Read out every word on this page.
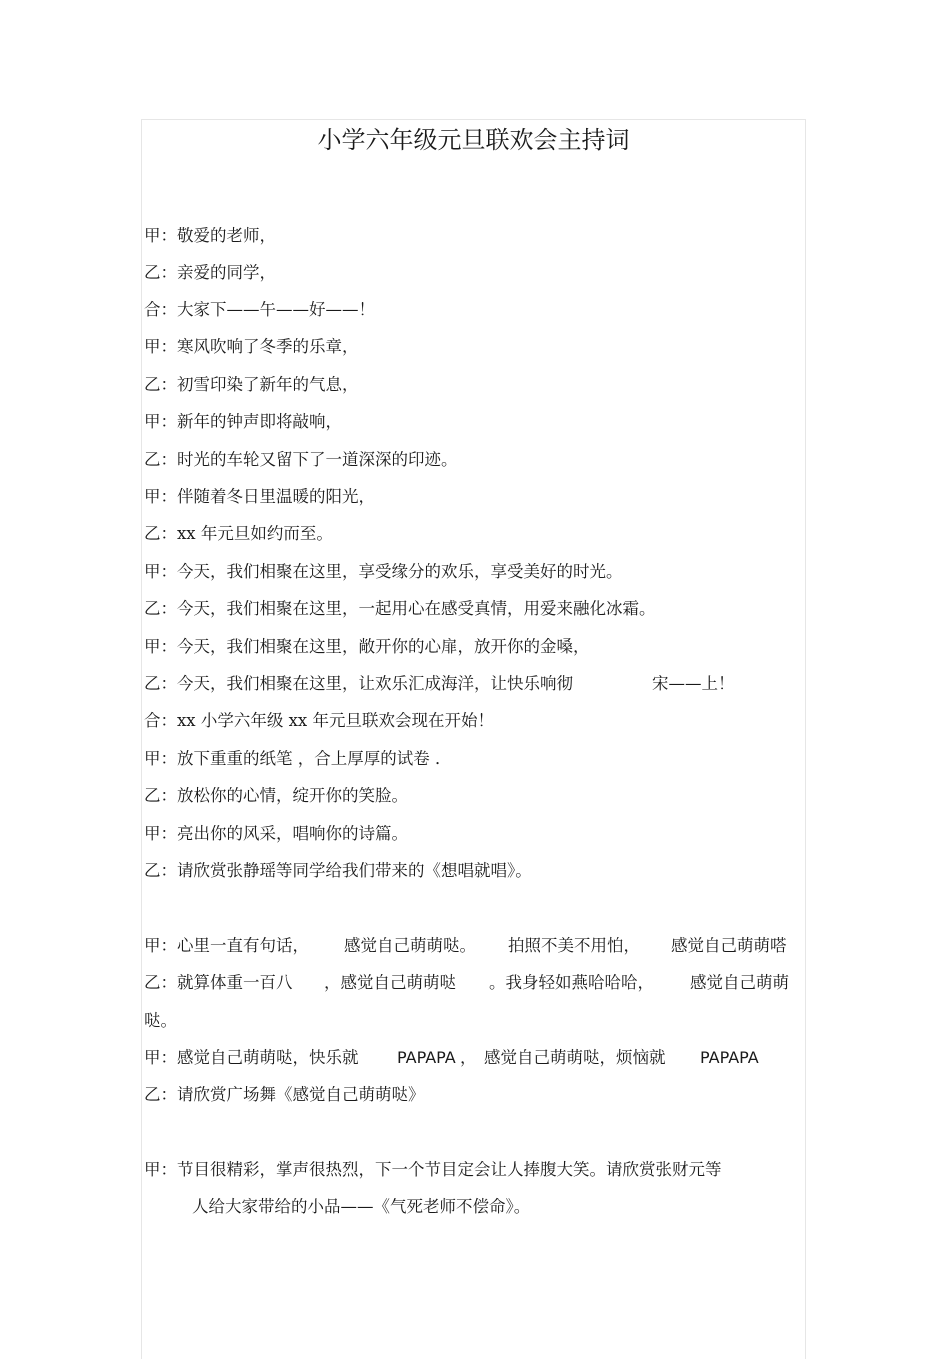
小学六年级元旦联欢会主持词
甲：敬爱的老师，
乙：亲爱的同学，
合：大家下——午——好——！
甲：寒风吹响了冬季的乐章，
乙：初雪印染了新年的气息，
甲：新年的钟声即将敲响，
乙：时光的车轮又留下了一道深深的印迹。
甲：伴随着冬日里温暖的阳光，
乙：xx 年元旦如约而至。
甲：今天，我们相聚在这里，享受缘分的欢乐，享受美好的时光。
乙：今天，我们相聚在这里，一起用心在感受真情，用爱来融化冰霜。
甲：今天，我们相聚在这里，敞开你的心扉，放开你的金嗓，
乙：今天，我们相聚在这里，让欢乐汇成海洋，让快乐响彻	宋——上！
合：xx 小学六年级 xx 年元旦联欢会现在开始！
甲：放下重重的纸笔 ，合上厚厚的试卷 ．
乙：放松你的心情，绽开你的笑脸。
甲：亮出你的风采，唱响你的诗篇。
乙：请欣赏张静瑶等同学给我们带来的《想唱就唱》。
甲：心里一直有句话， 感觉自己萌萌哒。 拍照不美不用怕， 感觉自己萌萌嗒
乙：就算体重一百八 ，感觉自己萌萌哒 。我身轻如燕哈哈哈， 感觉自己萌萌
哒。
甲：感觉自己萌萌哒，快乐就 PAPAPA ， 感觉自己萌萌哒，烦恼就 PAPAPA
乙：请欣赏广场舞《感觉自己萌萌哒》
甲：节目很精彩，掌声很热烈，下一个节目定会让人捧腹大笑。请欣赏张财元等
人给大家带给的小品——《气死老师不偿命》。
